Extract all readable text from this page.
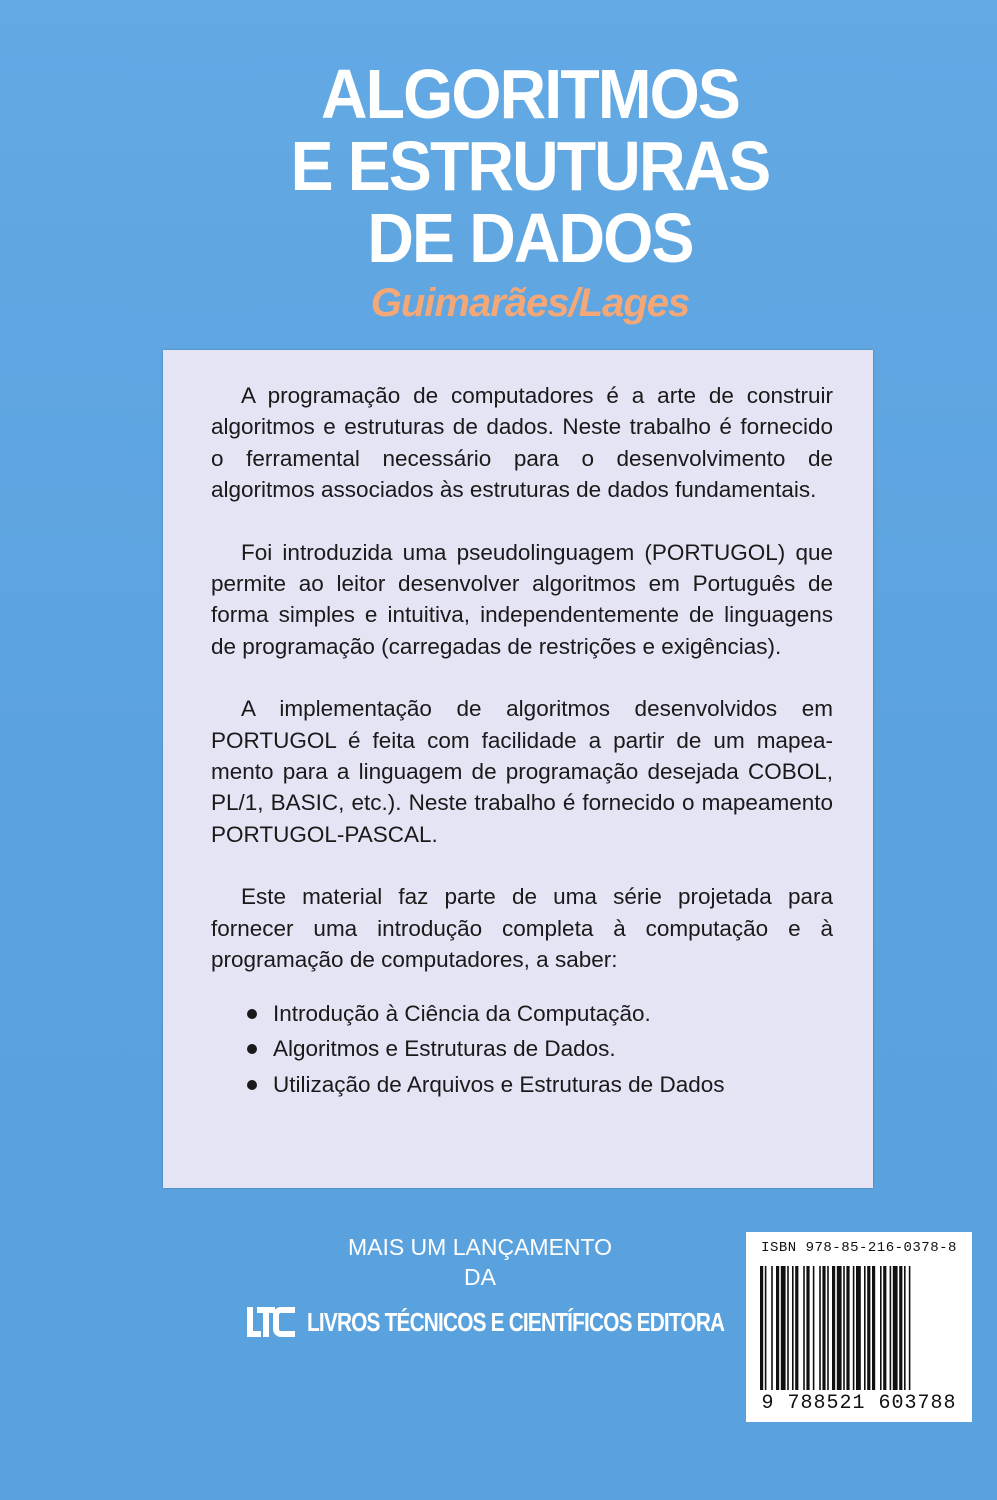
ALGORITMOS
E ESTRUTURAS
DE DADOS
Guimarães/Lages

A programação de computadores é a arte de construir algoritmos e estruturas de dados. Neste trabalho é fornecido o ferramental necessário para o desenvolvimento de algoritmos associados às estruturas de dados fundamentais.

Foi introduzida uma pseudolinguagem (PORTUGOL) que permite ao leitor desenvolver algoritmos em Português de forma simples e intuitiva, independentemente de linguagens de programação (carregadas de restrições e exigências).

A implementação de algoritmos desenvolvidos em PORTUGOL é feita com facilidade a partir de um mapeamento para a linguagem de programação desejada COBOL, PL/1, BASIC, etc.). Neste trabalho é fornecido o mapeamento PORTUGOL-PASCAL.

Este material faz parte de uma série projetada para fornecer uma introdução completa à computação e à programação de computadores, a saber:

Introdução à Ciência da Computação.
Algoritmos e Estruturas de Dados.
Utilização de Arquivos e Estruturas de Dados
MAIS UM LANÇAMENTO
DA
LIVROS TÉCNICOS E CIENTÍFICOS EDITORA
ISBN 978-85-216-0378-8
9 788521 603788
